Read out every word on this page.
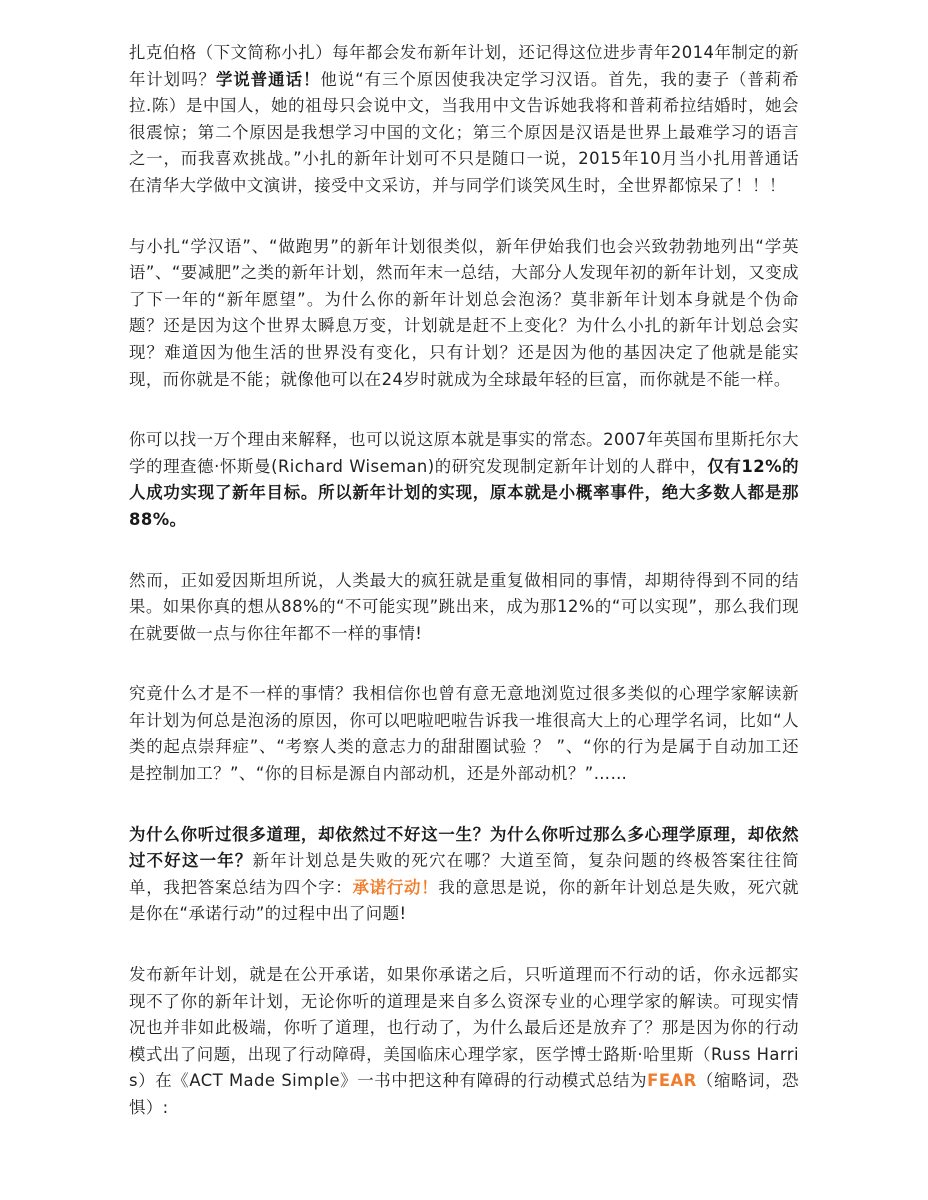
扎克伯格（下文简称小扎）每年都会发布新年计划，还记得这位进步青年2014年制定的新年计划吗？学说普通话！他说“有三个原因使我决定学习汉语。首先，我的妻子（普莉希拉.陈）是中国人，她的祖母只会说中文，当我用中文告诉她我将和普莉希拉结婚时，她会很震惊；第二个原因是我想学习中国的文化；第三个原因是汉语是世界上最难学习的语言之一，而我喜欢挑战。”小扎的新年计划可不只是随口一说，2015年10月当小扎用普通话在清华大学做中文演讲，接受中文采访，并与同学们谈笑风生时，全世界都惊呆了！！！

与小扎“学汉语”、“做跑男”的新年计划很类似，新年伊始我们也会兴致勃勃地列出“学英语”、“要减肥”之类的新年计划，然而年末一总结，大部分人发现年初的新年计划，又变成了下一年的“新年愿望”。为什么你的新年计划总会泡汤？莫非新年计划本身就是个伪命题？还是因为这个世界太瞬息万变，计划就是赶不上变化？为什么小扎的新年计划总会实现？难道因为他生活的世界没有变化，只有计划？还是因为他的基因决定了他就是能实现，而你就是不能；就像他可以在24岁时就成为全球最年轻的巨富，而你就是不能一样。

你可以找一万个理由来解释，也可以说这原本就是事实的常态。2007年英国布里斯托尔大学的理查德·怀斯曼(Richard Wiseman)的研究发现制定新年计划的人群中，仅有12%的人成功实现了新年目标。所以新年计划的实现，原本就是小概率事件，绝大多数人都是那 88%。

然而，正如爱因斯坦所说，人类最大的疯狂就是重复做相同的事情，却期待得到不同的结果。如果你真的想从88%的“不可能实现”跳出来，成为那12%的“可以实现”，那么我们现在就要做一点与你往年都不一样的事情!

究竟什么才是不一样的事情？我相信你也曾有意无意地浏览过很多类似的心理学家解读新年计划为何总是泡汤的原因，你可以吧啦吧啦告诉我一堆很高大上的心理学名词，比如“人类的起点崇拜症”、“考察人类的意志力的甜甜圈试验 ？ ”、“你的行为是属于自动加工还是控制加工？”、“你的目标是源自内部动机，还是外部动机？”……

为什么你听过很多道理，却依然过不好这一生？为什么你听过那么多心理学原理，却依然过不好这一年？新年计划总是失败的死穴在哪？大道至简，复杂问题的终极答案往往简单，我把答案总结为四个字：承诺行动！我的意思是说，你的新年计划总是失败，死穴就是你在“承诺行动”的过程中出了问题!

发布新年计划，就是在公开承诺，如果你承诺之后，只听道理而不行动的话，你永远都实现不了你的新年计划，无论你听的道理是来自多么资深专业的心理学家的解读。可现实情况也并非如此极端，你听了道理，也行动了，为什么最后还是放弃了？那是因为你的行动模式出了问题，出现了行动障碍，美国临床心理学家，医学博士路斯·哈里斯（Russ Harris）在《ACT Made Simple》一书中把这种有障碍的行动模式总结为FEAR（缩略词，恐惧）:
